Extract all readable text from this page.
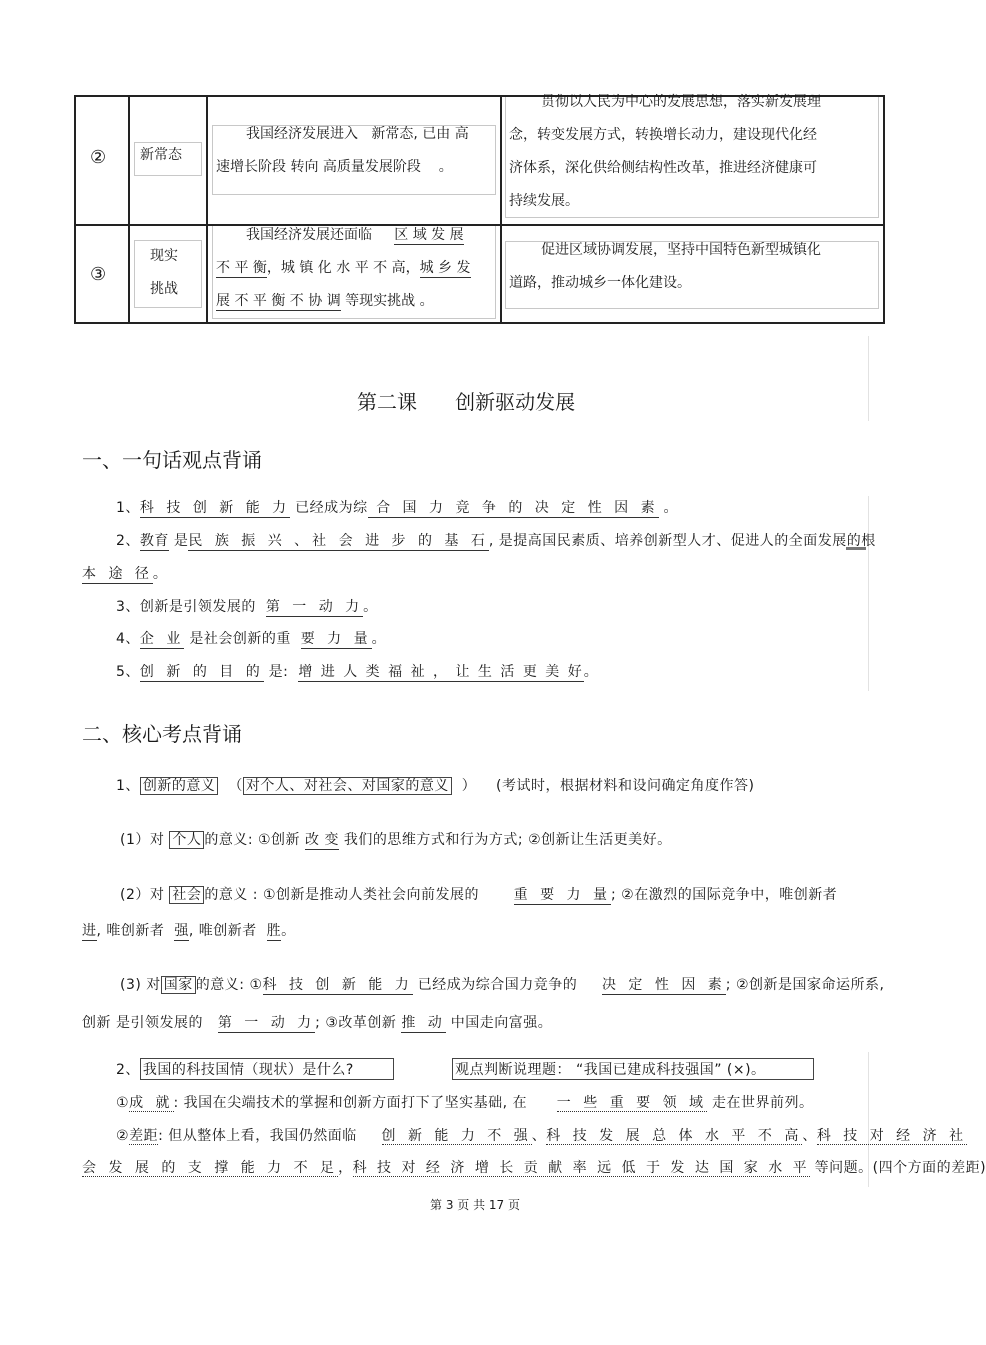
② 新常态
我国经济发展进入 新常态, 已由 高
速增长阶段 转向 高质量发展阶段    。
贯彻以人民为中心的发展思想，落实新发展理
念，转变发展方式，转换增长动力，建设现代化经
济体系，深化供给侧结构性改革，推进经济健康可
持续发展。
③
现实
挑战
我国经济发展还面临 区 域 发 展
不 平 衡，城 镇 化 水 平 不 高，城 乡 发
展 不 平 衡 不 协 调 等现实挑战 。
促进区域协调发展，坚持中国特色新型城镇化
道路，推动城乡一体化建设。
第二课      创新驱动发展
一、一句话观点背诵
1、科 技 创 新 能 力 已经成为综 合 国 力 竞 争 的 决 定 性 因 素 。
2、教育 是民 族 振 兴 、社 会 进 步 的 基 石, 是提高国民素质、培养创新型人才、促进人的全面发展的根
本 途 径。
3、创新是引领发展的  第 一 动 力。
4、企 业 是社会创新的重 要 力 量。
5、创 新 的 目 的 是: 增 进 人 类 福 祉 ， 让 生 活 更 美 好。
二、核心考点背诵
1、 创新的意义 （ 对个人、对社会、对国家的意义 ） (考试时，根据材料和设问确定角度作答)
(1）对 个人 的意义: ①创新 改 变 我们的思维方式和行为方式; ②创新让生活更美好。
(2）对 社会 的意义 : ①创新是推动人类社会向前发展的 重 要 力 量; ②在激烈的国际竞争中，唯创新者
进, 唯创新者 强, 唯创新者 胜。
(3) 对 国家 的意义: ①科 技 创 新 能 力 已经成为综合国力竞争的 决 定 性 因 素; ②创新是国家命运所系,
创新 是引领发展的 第 一 动 力; ③改革创新 推 动 中国走向富强。
2、 我国的科技国情（现状）是什么?	观点判断说理题： “我国已建成科技强国” (×)。
①成 就: 我国在尖端技术的掌握和创新方面打下了坚实基础, 在 一 些 重 要 领 域 走在世界前列。
②差距: 但从整体上看，我国仍然面临 创 新 能 力 不 强、科 技 发 展 总 体 水 平 不 高、科 技 对 经 济 社
会 发 展 的 支 撑 能 力 不 足，科 技 对 经 济 增 长 贡 献 率 远 低 于 发 达 国 家 水 平 等问题。(四个方面的差距)
第 3 页 共 17 页
